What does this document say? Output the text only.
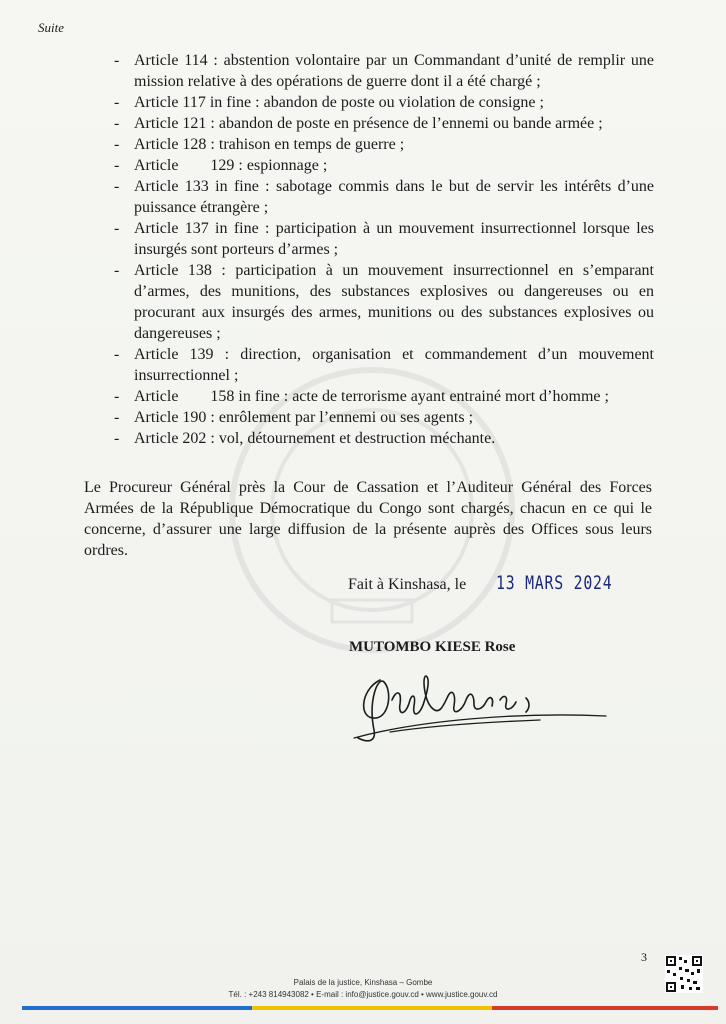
Suite
- Article 114 : abstention volontaire par un Commandant d’unité de remplir une mission relative à des opérations de guerre dont il a été chargé ;
- Article 117 in fine : abandon de poste ou violation de consigne ;
- Article 121 : abandon de poste en présence de l’ennemi ou bande armée ;
- Article 128 : trahison en temps de guerre ;
- Article        129 : espionnage ;
- Article 133 in fine : sabotage commis dans le but de servir les intérêts d’une puissance étrangère ;
- Article 137 in fine : participation à un mouvement insurrectionnel lorsque les insurgés sont porteurs d’armes ;
- Article 138 : participation à un mouvement insurrectionnel en s’emparant d’armes, des munitions, des substances explosives ou dangereuses ou en procurant aux insurgés des armes, munitions ou des substances explosives ou dangereuses ;
- Article 139 : direction, organisation et commandement d’un mouvement insurrectionnel ;
- Article        158 in fine : acte de terrorisme ayant entrainé mort d’homme ;
- Article 190 : enrôlement par l’ennemi ou ses agents ;
- Article 202 : vol, détournement et destruction méchante.

Le Procureur Général près la Cour de Cassation et l’Auditeur Général des Forces Armées de la République Démocratique du Congo sont chargés, chacun en ce qui le concerne, d’assurer une large diffusion de la présente auprès des Offices sous leurs ordres.

Fait à Kinshasa, le 13 MARS 2024
MUTOMBO KIESE Rose
3
Palais de la justice, Kinshasa – Gombe
Tél. : +243 814943082 • E-mail : info@justice.gouv.cd • www.justice.gouv.cd
